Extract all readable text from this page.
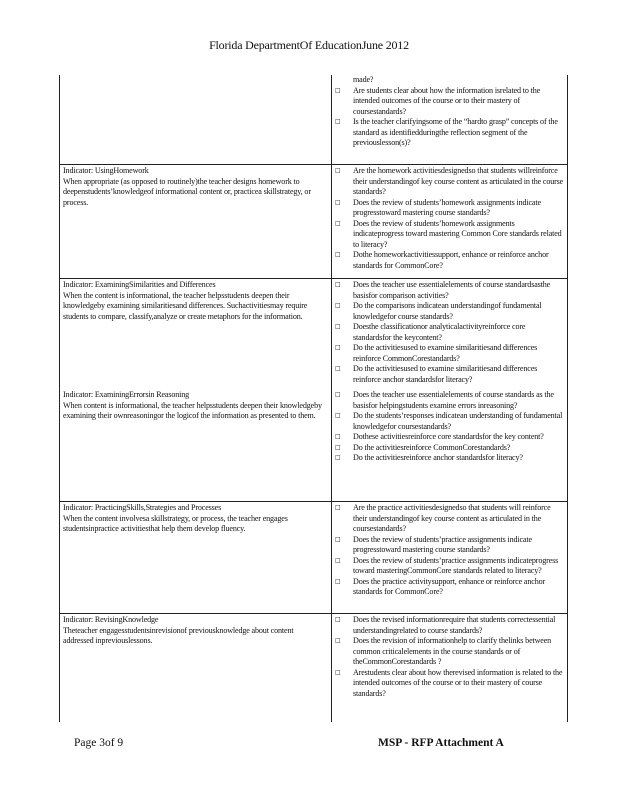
Florida DepartmentOf EducationJune 2012
made?
□ Are students clear about how the information isrelated to the intended outcomes of the course or to their mastery of coursestandards?
□ Is the teacher clarifyingsome of the “hardto grasp” concepts of the standard as identifiedduringthe reflection segment of the previouslesson(s)?
Indicator: UsingHomework
When appropriate (as opposed to routinely)the teacher designs homework to deepenstudents’knowledgeof informational content or, practicea skillstrategy, or process.
□ Are the homework activitiesdesignedso that students willreinforce their understandingof key course content as articulated in the course standards?
□ Does the review of students’homework assignments indicate progresstoward mastering course standards?
□ Does the review of students’homework assignments indicateprogress toward mastering Common Core standards related to literacy?
□ Dothe homeworkactivitiessupport, enhance or reinforce anchor standards for CommonCore?
Indicator: ExaminingSimilarities and Differences
When the content is informational, the teacher helpsstudents deepen their knowledgeby examining similaritiesand differences. Suchactivitiesmay require students to compare, classify,analyze or create metaphors for the information.
□ Does the teacher use essentialelements of course standardsasthe basisfor comparison activities?
□ Do the comparisons indicatean understandingof fundamental knowledgefor course standards?
□ Doesthe classificationor analyticalactivityreinforce core standardsfor the keycontent?
□ Do the activitiesused to examine similaritiesand differences reinforce CommonCorestandards?
□ Do the activitiesused to examine similaritiesand differences reinforce anchor standardsfor literacy?
Indicator: ExaminingErrorsin Reasoning
When content is informational, the teacher helpsstudents deepen their knowledgeby examining their ownreasoningor the logicof the information as presented to them.
□ Does the teacher use essentialelements of course standards as the basisfor helpingstudents examine errors inreasoning?
□ Do the students’responses indicatean understanding of fundamental knowledgefor coursestandards?
□ Dothese activitiesreinforce core standardsfor the key content?
□ Do the activitiesreinforce CommonCorestandards?
□ Do the activitiesreinforce anchor standardsfor literacy?
Indicator: PracticingSkills,Strategies and Processes
When the content involvesa skillstrategy, or process, the teacher engages studentsinpractice activitiesthat help them develop fluency.
□ Are the practice activitiesdesignedso that students will reinforce their understandingof key course content as articulated in the coursestandards?
□ Does the review of students’practice assignments indicate progresstoward mastering course standards?
□ Does the review of students’practice assignments indicateprogress toward masteringCommonCore standards related to literacy?
□ Does the practice activitysupport, enhance or reinforce anchor standards for CommonCore?
Indicator: RevisingKnowledge
Theteacher engagesstudentsinrevisionof previousknowledge about content addressed inpreviouslessons.
□ Does the revised informationrequire that students correctessential understandingrelated to course standards?
□ Does the revision of informationhelp to clarify thelinks between common criticalelements in the course standards or of theCommonCorestandards ?
□ Arestudents clear about how therevised information is related to the intended outcomes of the course or to their mastery of course standards?
Page 3of 9	MSP - RFP Attachment A
